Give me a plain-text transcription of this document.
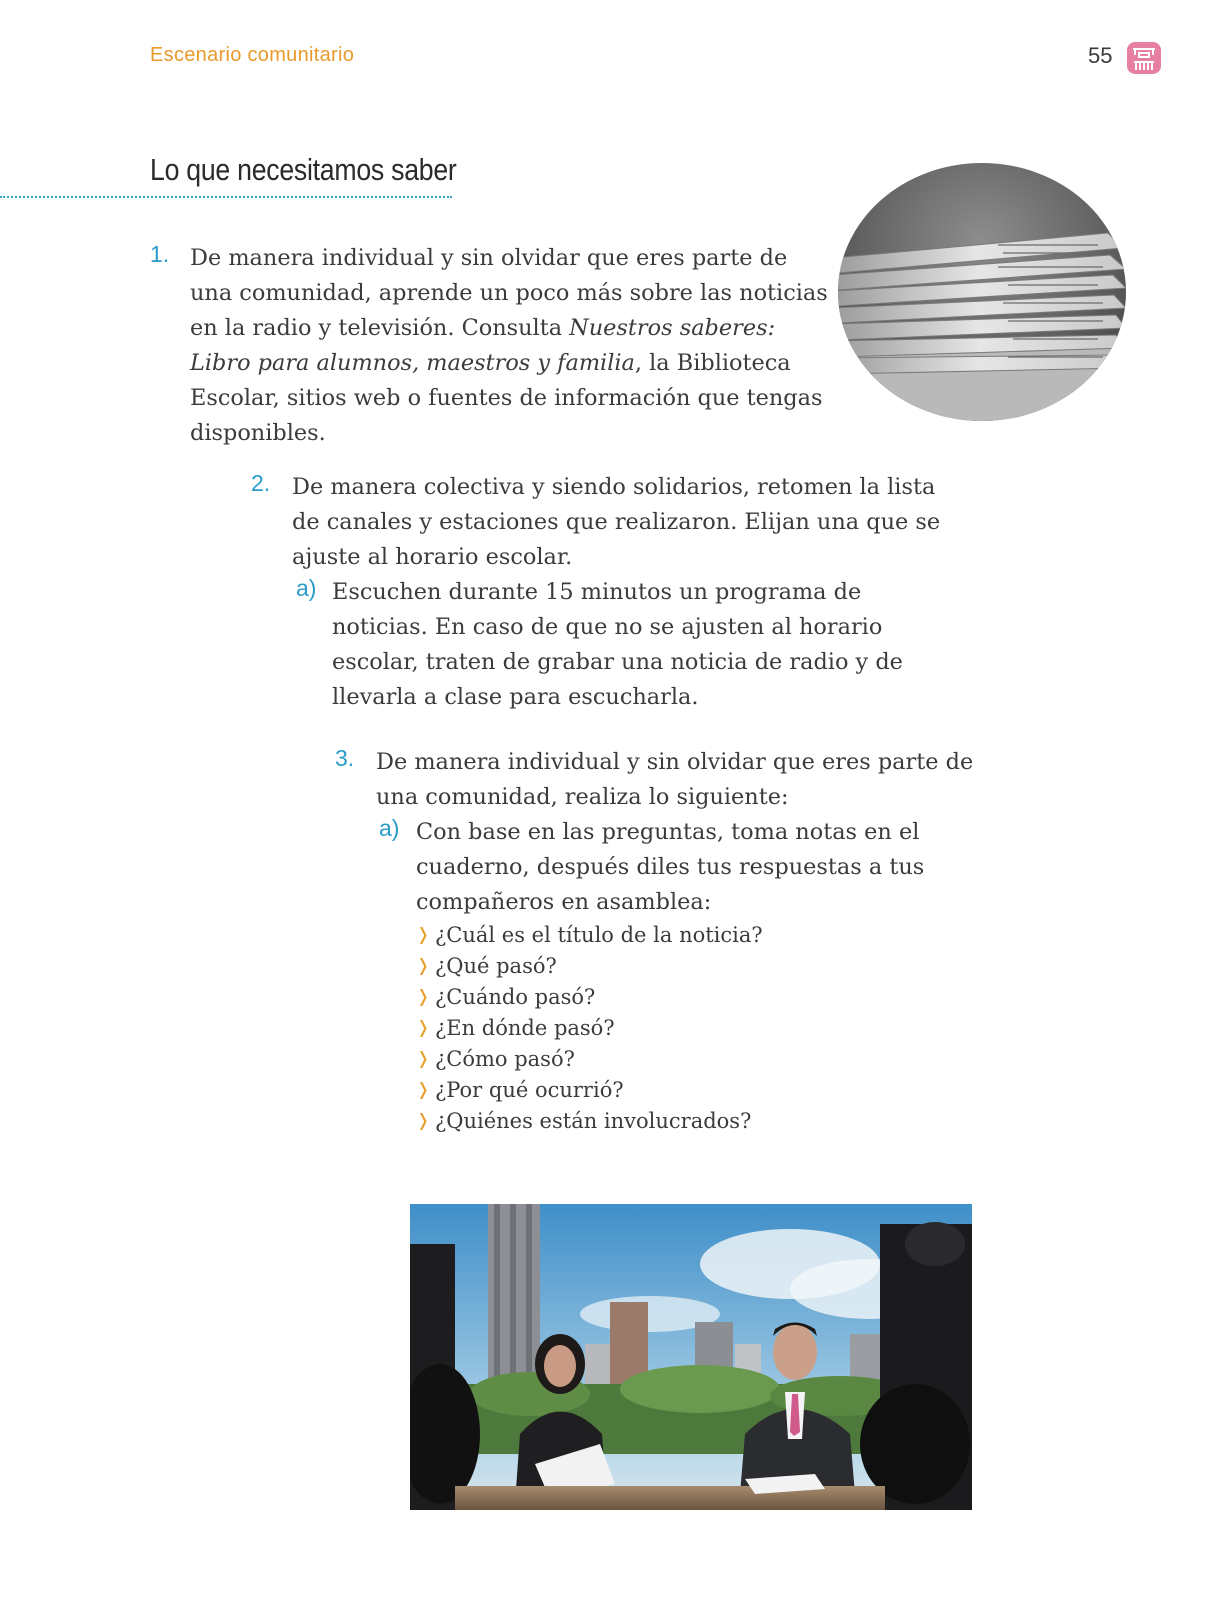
Escenario comunitario	55
Lo que necesitamos saber
1. De manera individual y sin olvidar que eres parte de una comunidad, aprende un poco más sobre las noticias en la radio y televisión. Consulta Nuestros saberes: Libro para alumnos, maestros y familia, la Biblioteca Escolar, sitios web o fuentes de información que tengas disponibles.
2. De manera colectiva y siendo solidarios, retomen la lista de canales y estaciones que realizaron. Elijan una que se ajuste al horario escolar.
a) Escuchen durante 15 minutos un programa de noticias. En caso de que no se ajusten al horario escolar, traten de grabar una noticia de radio y de llevarla a clase para escucharla.
3. De manera individual y sin olvidar que eres parte de una comunidad, realiza lo siguiente:
a) Con base en las preguntas, toma notas en el cuaderno, después diles tus respuestas a tus compañeros en asamblea:
❭ ¿Cuál es el título de la noticia?
❭ ¿Qué pasó?
❭ ¿Cuándo pasó?
❭ ¿En dónde pasó?
❭ ¿Cómo pasó?
❭ ¿Por qué ocurrió?
❭ ¿Quiénes están involucrados?
